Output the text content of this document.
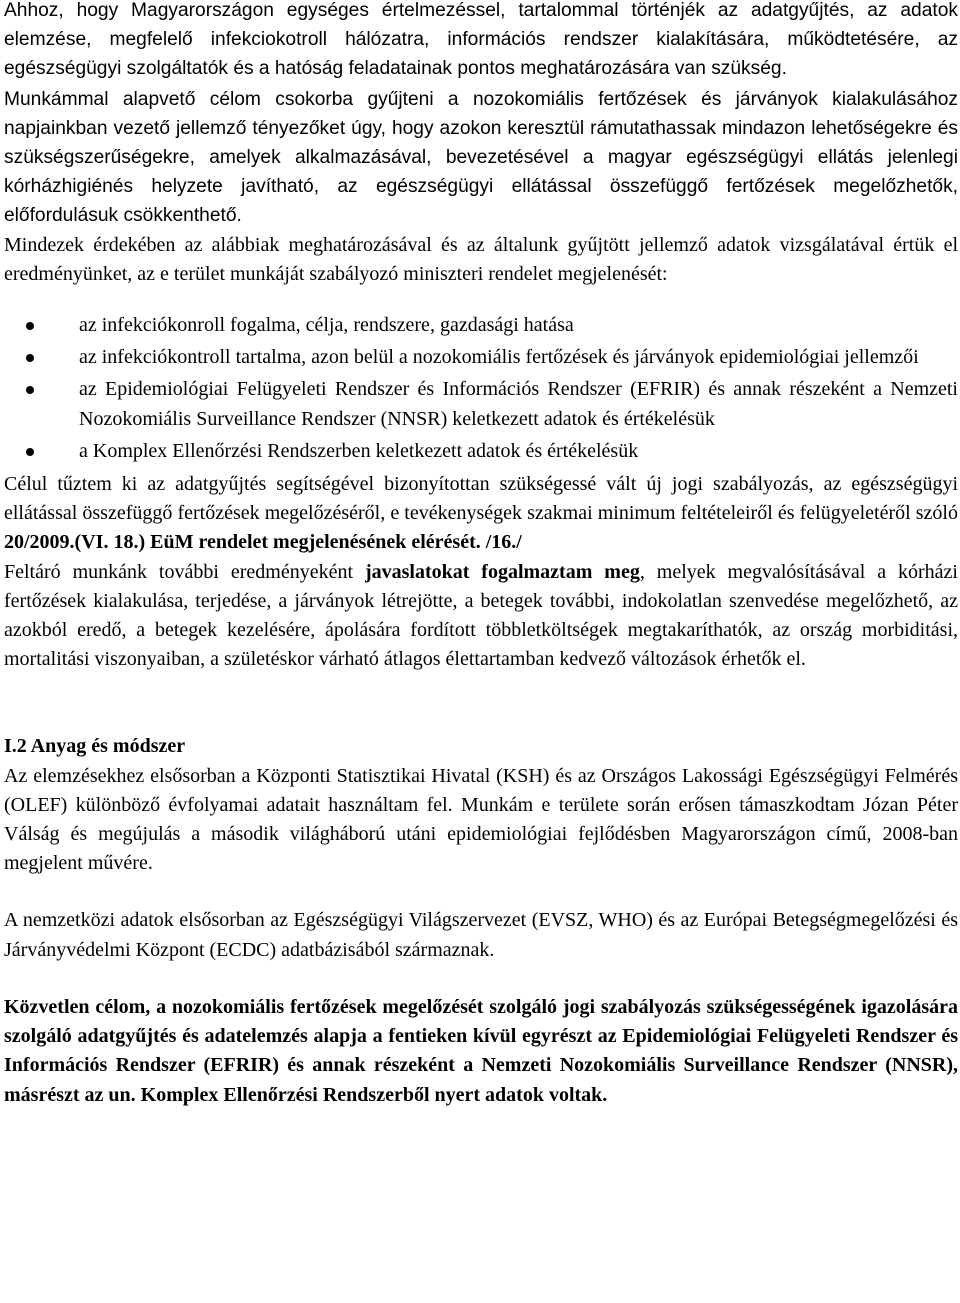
Ahhoz, hogy Magyarországon egységes értelmezéssel, tartalommal történjék az adatgyűjtés, az adatok elemzése, megfelelő infekciokotroll hálózatra, információs rendszer kialakítására, működtetésére, az egészségügyi szolgáltatók és a hatóság feladatainak pontos meghatározására van szükség.

Munkámmal alapvető célom csokorba gyűjteni a nozokomiális fertőzések és járványok kialakulásához napjainkban vezető jellemző tényezőket úgy, hogy azokon keresztül rámutathassak mindazon lehetőségekre és szükségszerűségekre, amelyek alkalmazásával, bevezetésével a magyar egészségügyi ellátás jelenlegi kórházhigiénés helyzete javítható, az egészségügyi ellátással összefüggő fertőzések megelőzhetők, előfordulásuk csökkenthető.

Mindezek érdekében az alábbiak meghatározásával és az általunk gyűjtött jellemző adatok vizsgálatával értük el eredményünket, az e terület munkáját szabályozó miniszteri rendelet megjelenését:

az infekciókonroll fogalma, célja, rendszere, gazdasági hatása
az infekciókontroll tartalma, azon belül a nozokomiális fertőzések és járványok epidemiológiai jellemzői
az Epidemiológiai Felügyeleti Rendszer és Információs Rendszer (EFRIR) és annak részeként a Nemzeti Nozokomiális Surveillance Rendszer (NNSR) keletkezett adatok és értékelésük
a Komplex Ellenőrzési Rendszerben keletkezett adatok és értékelésük

Célul tűztem ki az adatgyűjtés segítségével bizonyítottan szükségessé vált új jogi szabályozás, az egészségügyi ellátással összefüggő fertőzések megelőzéséről, e tevékenységek szakmai minimum feltételeiről és felügyeletéről szóló 20/2009.(VI. 18.) EüM rendelet megjelenésének elérését. /16./

Feltáró munkánk további eredményeként javaslatokat fogalmaztam meg, melyek megvalósításával a kórházi fertőzések kialakulása, terjedése, a járványok létrejötte, a betegek további, indokolatlan szenvedése megelőzhető, az azokból eredő, a betegek kezelésére, ápolására fordított többletköltségek megtakaríthatók, az ország morbiditási, mortalitási viszonyaiban, a születéskor várható átlagos élettartamban kedvező változások érhetők el.

I.2 Anyag és módszer

Az elemzésekhez elsősorban a Központi Statisztikai Hivatal (KSH) és az Országos Lakossági Egészségügyi Felmérés (OLEF) különböző évfolyamai adatait használtam fel. Munkám e területe során erősen támaszkodtam Józan Péter Válság és megújulás a második világháború utáni epidemiológiai fejlődésben Magyarországon című, 2008-ban megjelent művére.

A nemzetközi adatok elsősorban az Egészségügyi Világszervezet (EVSZ, WHO) és az Európai Betegségmegelőzési és Járványvédelmi Központ (ECDC) adatbázisából származnak.

Közvetlen célom, a nozokomiális fertőzések megelőzését szolgáló jogi szabályozás szükségességének igazolására szolgáló adatgyűjtés és adatelemzés alapja a fentieken kívül egyrészt az Epidemiológiai Felügyeleti Rendszer és Információs Rendszer (EFRIR) és annak részeként a Nemzeti Nozokomiális Surveillance Rendszer (NNSR), másrészt az un. Komplex Ellenőrzési Rendszerből nyert adatok voltak.
